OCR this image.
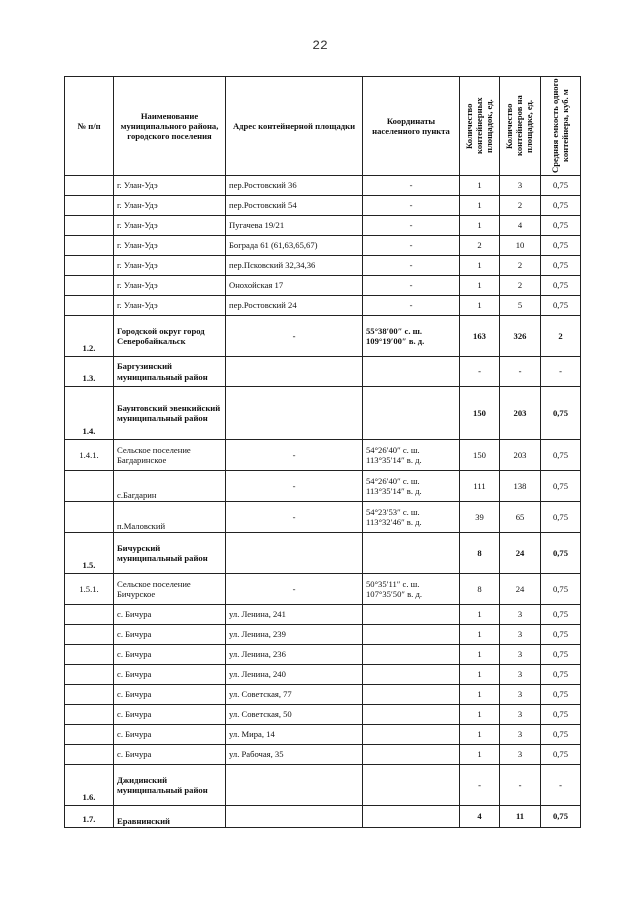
22
№ п/п	Наименование муниципального района, городского поселения	Адрес контейнерной площадки	Координаты населенного пункта	Количество контейнерных площадок, ед.	Количество контейнеров на площадке, ед.	Средняя емкость одного контейнера, куб. м

	г. Улан-Удэ	пер.Ростовский 36	-	1	3	0,75
	г. Улан-Удэ	пер.Ростовский 54	-	1	2	0,75
	г. Улан-Удэ	Пугачева 19/21	-	1	4	0,75
	г. Улан-Удэ	Бограда 61 (61,63,65,67)	-	2	10	0,75
	г. Улан-Удэ	пер.Псковский 32,34,36	-	1	2	0,75
	г. Улан-Удэ	Онохойская 17	-	1	2	0,75
	г. Улан-Удэ	пер.Ростовский 24	-	1	5	0,75
1.2.	Городской округ город Северобайкальск	-	55°38′00″ с. ш. 109°19′00″ в. д.	163	326	2
1.3.	Баргузинский муниципальный район			-	-	-
1.4.	Баунтовский эвенкийский муниципальный район			150	203	0,75
1.4.1.	Сельское поселение Багдаринское	-	54°26′40″ с. ш. 113°35′14″ в. д.	150	203	0,75
	с.Багдарин	-	54°26′40″ с. ш. 113°35′14″ в. д.	111	138	0,75
	п.Маловский	-	54°23′53″ с. ш. 113°32′46″ в. д.	39	65	0,75
1.5.	Бичурский муниципальный район			8	24	0,75
1.5.1.	Сельское поселение Бичурское	-	50°35′11″ с. ш. 107°35′50″ в. д.	8	24	0,75
	с. Бичура	ул. Ленина, 241		1	3	0,75
	с. Бичура	ул. Ленина, 239		1	3	0,75
	с. Бичура	ул. Ленина, 236		1	3	0,75
	с. Бичура	ул. Ленина, 240		1	3	0,75
	с. Бичура	ул. Советская, 77		1	3	0,75
	с. Бичура	ул. Советская, 50		1	3	0,75
	с. Бичура	ул. Мира, 14		1	3	0,75
	с. Бичура	ул. Рабочая, 35		1	3	0,75
1.6.	Джидинский муниципальный район			-	-	-
1.7.	Еравнинский			4	11	0,75
